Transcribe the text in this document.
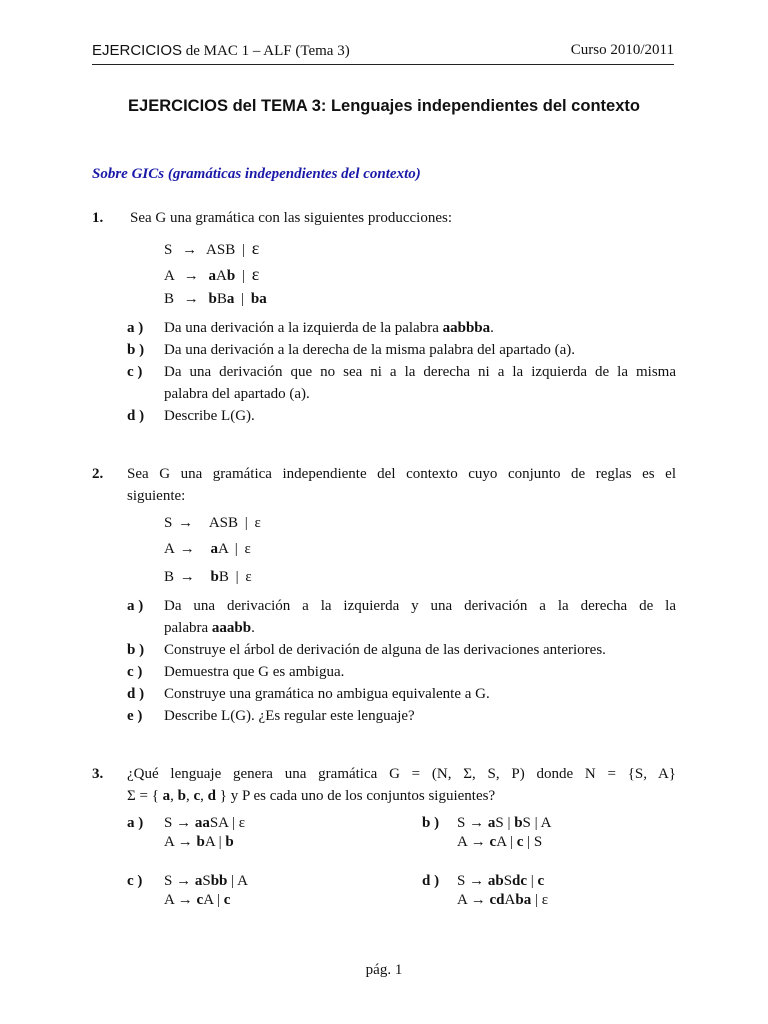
EJERCICIOS de MAC 1 – ALF (Tema 3)	Curso 2010/2011
EJERCICIOS del TEMA 3: Lenguajes independientes del contexto
Sobre GICs (gramáticas independientes del contexto)
1. Sea G una gramática con las siguientes producciones:
S → ASB | ε
A → aAb | ε
B → bBa | ba
a ) Da una derivación a la izquierda de la palabra aabbba.
b ) Da una derivación a la derecha de la misma palabra del apartado (a).
c ) Da una derivación que no sea ni a la derecha ni a la izquierda de la misma
palabra del apartado (a).
d ) Describe L(G).
2. Sea G una gramática independiente del contexto cuyo conjunto de reglas es el
siguiente:
S → ASB | ε
A → aA | ε
B → bB | ε
a ) Da una derivación a la izquierda y una derivación a la derecha de la
palabra aaabb.
b ) Construye el árbol de derivación de alguna de las derivaciones anteriores.
c ) Demuestra que G es ambigua.
d ) Construye una gramática no ambigua equivalente a G.
e ) Describe L(G). ¿Es regular este lenguaje?
3. ¿Qué lenguaje genera una gramática G = (N, Σ, S, P) donde N = {S, A}
Σ = { a, b, c, d } y P es cada uno de los conjuntos siguientes?
a ) S → aaSA | ε
A → bA | b
b ) S → aS | bS | A
A → cA | c | S
c ) S → aSbb | A
A → cA | c
d ) S → abSdc | c
A → cdAba | ε
pág. 1
